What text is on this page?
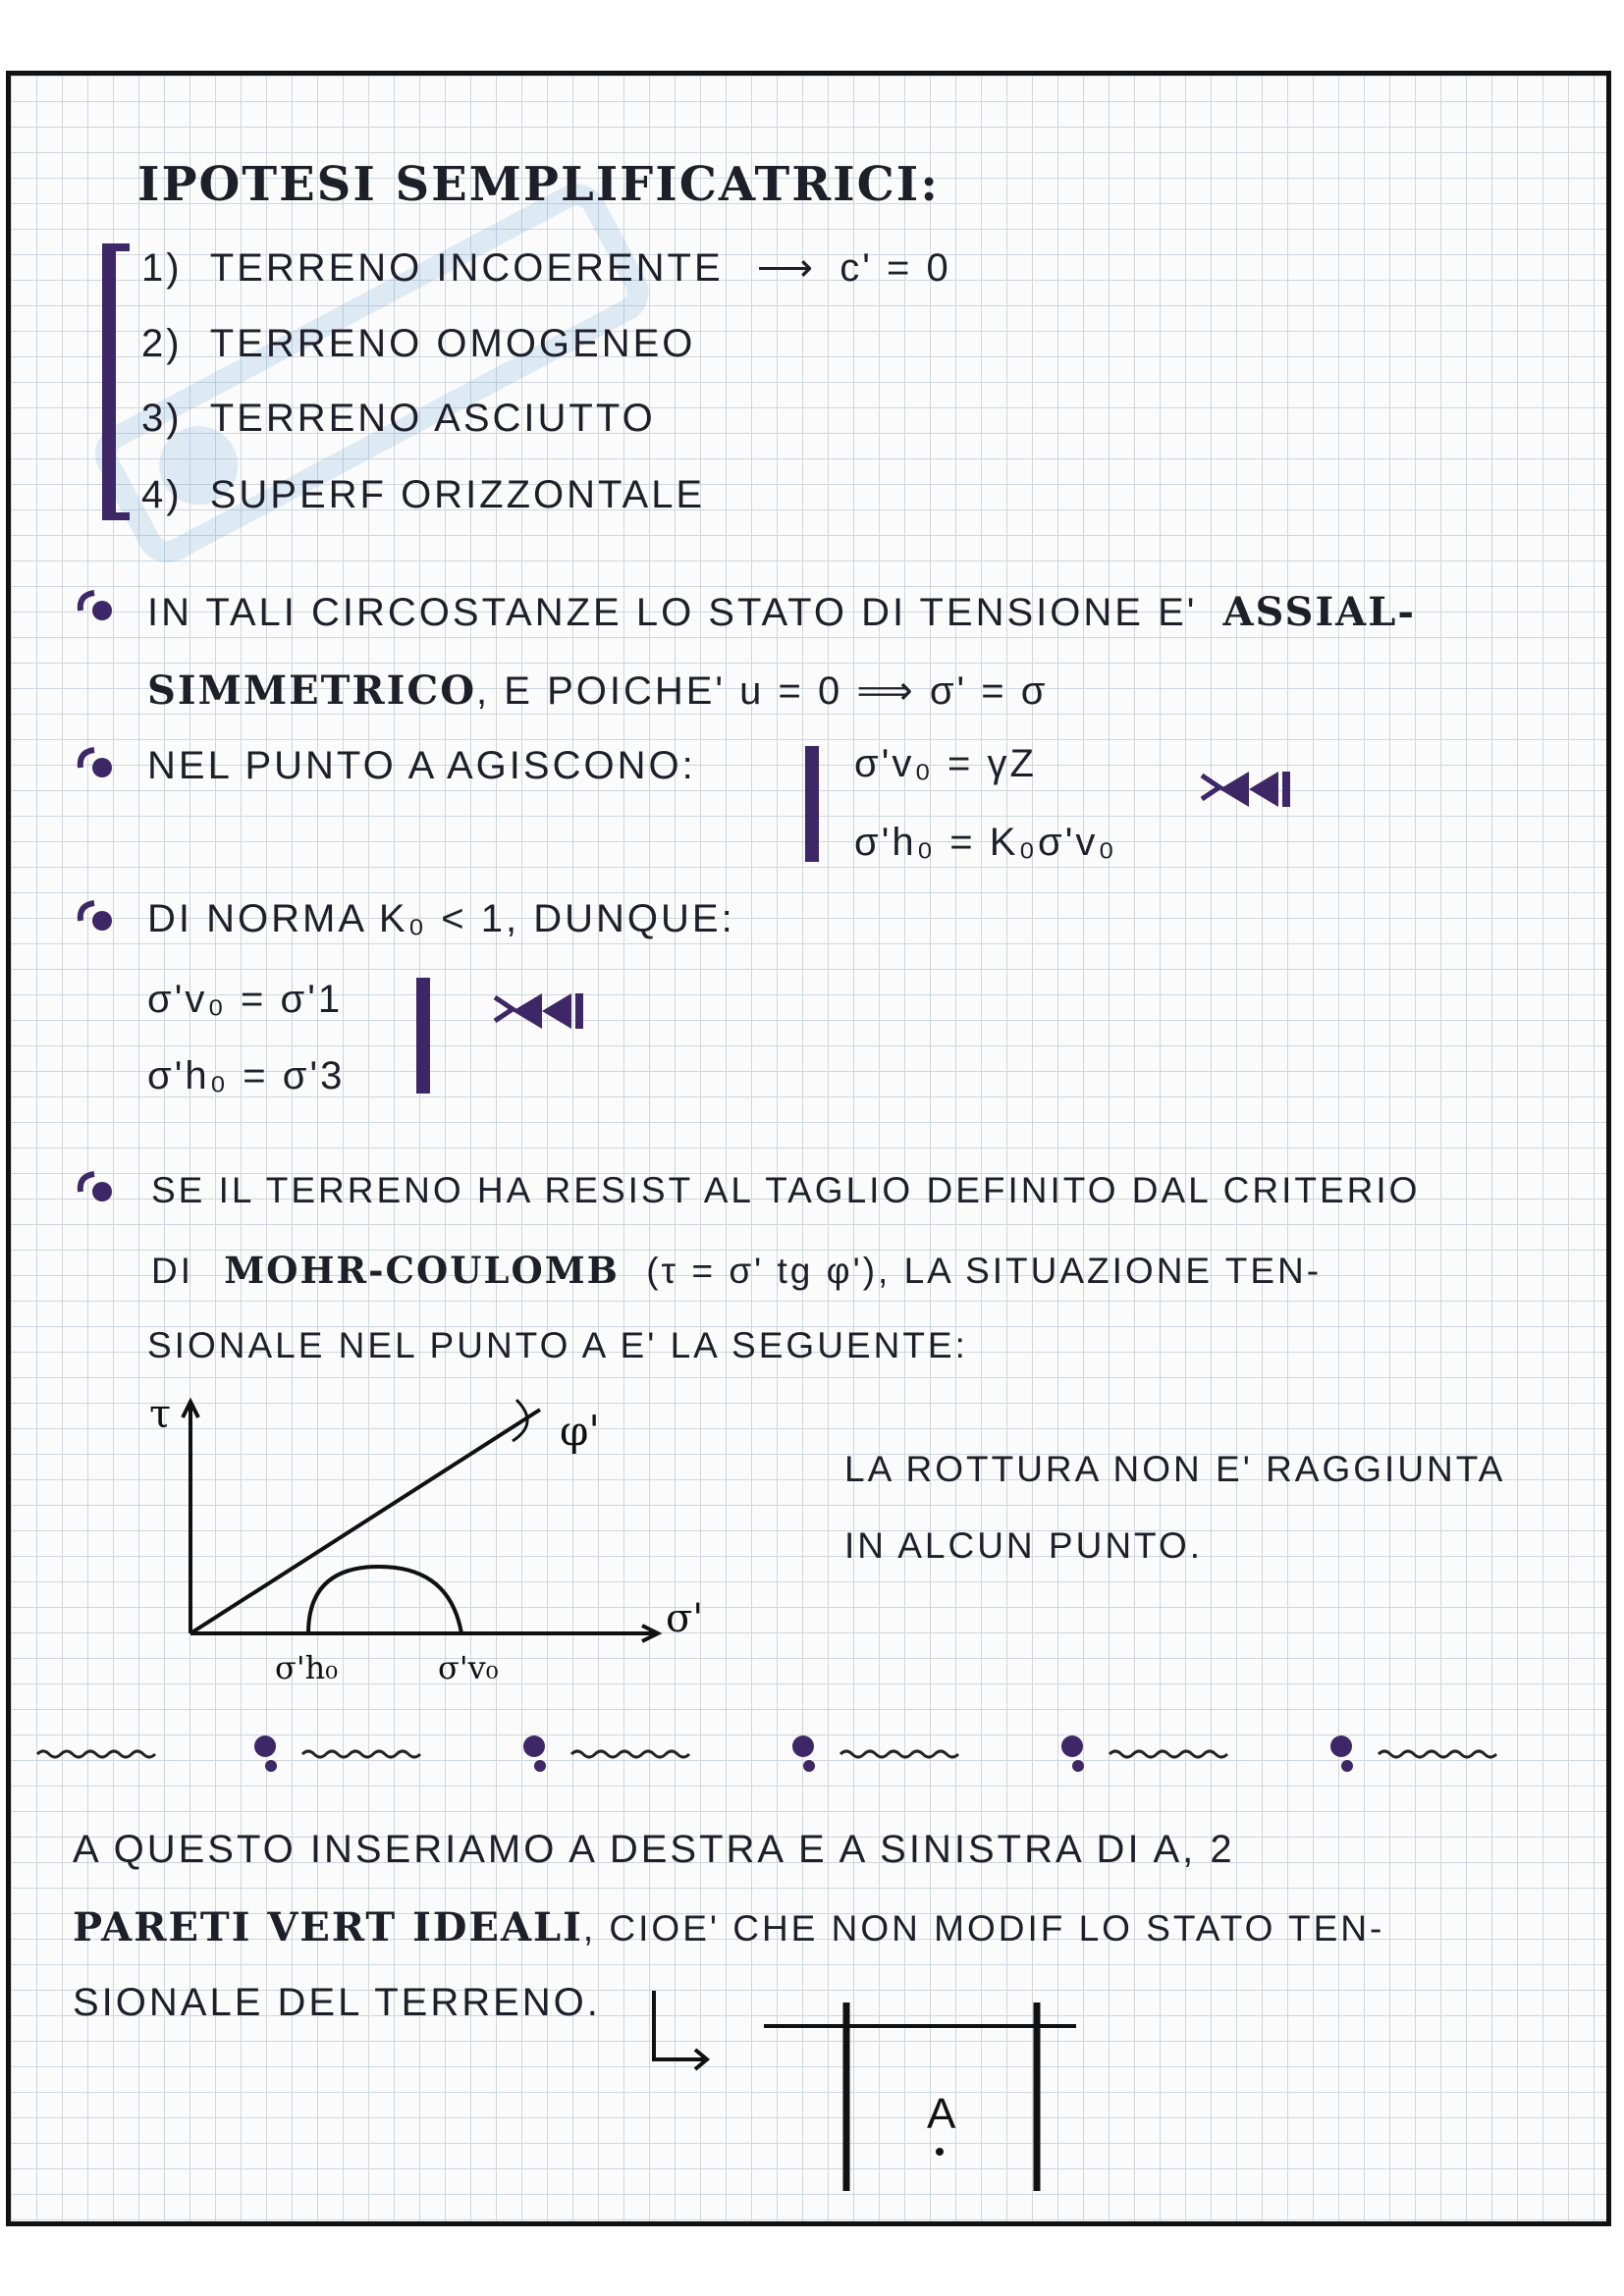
IPOTESI SEMPLIFICATRICI:
1) TERRENO INCOERENTE ⟶ c' = 0
2) TERRENO OMOGENEO
3) TERRENO ASCIUTTO
4) SUPERF ORIZZONTALE
IN TALI CIRCOSTANZE LO STATO DI TENSIONE E' ASSIAL-
SIMMETRICO, E POICHE' u = 0 ⟹ σ' = σ
NEL PUNTO A AGISCONO:	σ'v₀ = γZ
σ'h₀ = K₀σ'v₀
DI NORMA K₀ < 1, DUNQUE:
σ'v₀ = σ'1
σ'h₀ = σ'3
SE IL TERRENO HA RESIST AL TAGLIO DEFINITO DAL CRITERIO
DI MOHR-COULOMB (τ = σ' tg φ'), LA SITUAZIONE TEN-
SIONALE NEL PUNTO A E' LA SEGUENTE:
τ	φ'
σ'
σ'h₀	σ'v₀
LA ROTTURA NON E' RAGGIUNTA
IN ALCUN PUNTO.
A QUESTO INSERIAMO A DESTRA E A SINISTRA DI A, 2
PARETI VERT IDEALI, CIOE' CHE NON MODIF LO STATO TEN-
SIONALE DEL TERRENO.
A
